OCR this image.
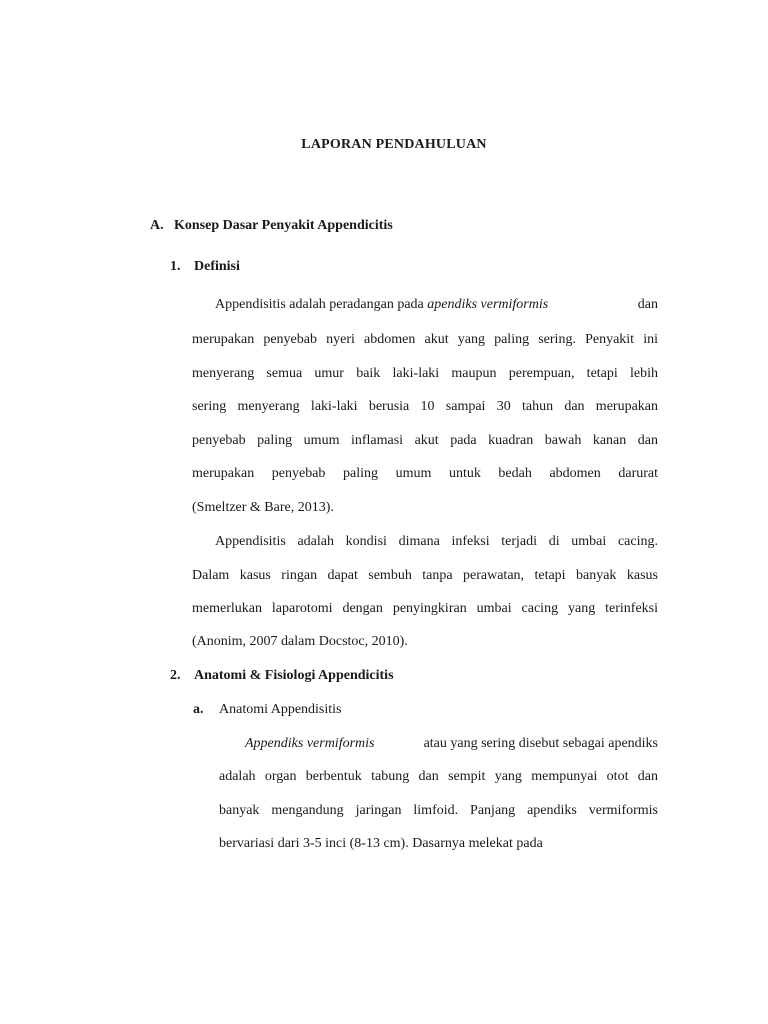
LAPORAN PENDAHULUAN
A. Konsep Dasar Penyakit Appendicitis
1. Definisi
Appendisitis adalah peradangan pada apendiks vermiformis	dan
merupakan penyebab nyeri abdomen akut yang paling sering. Penyakit ini
menyerang semua umur baik laki-laki maupun perempuan, tetapi lebih
sering menyerang laki-laki berusia 10 sampai 30 tahun dan merupakan
penyebab paling umum inflamasi akut pada kuadran bawah kanan dan
merupakan penyebab paling umum untuk bedah abdomen darurat
(Smeltzer & Bare, 2013).
Appendisitis adalah kondisi dimana infeksi terjadi di umbai cacing.
Dalam kasus ringan dapat sembuh tanpa perawatan, tetapi banyak kasus
memerlukan laparotomi dengan penyingkiran umbai cacing yang terinfeksi
(Anonim, 2007 dalam Docstoc, 2010).
2. Anatomi & Fisiologi Appendicitis
a. Anatomi Appendisitis
Appendiks vermiformis	atau yang sering disebut sebagai apendiks
adalah organ berbentuk tabung dan sempit yang mempunyai otot dan
banyak mengandung jaringan limfoid. Panjang apendiks vermiformis
bervariasi dari 3-5 inci (8-13 cm). Dasarnya melekat pada
